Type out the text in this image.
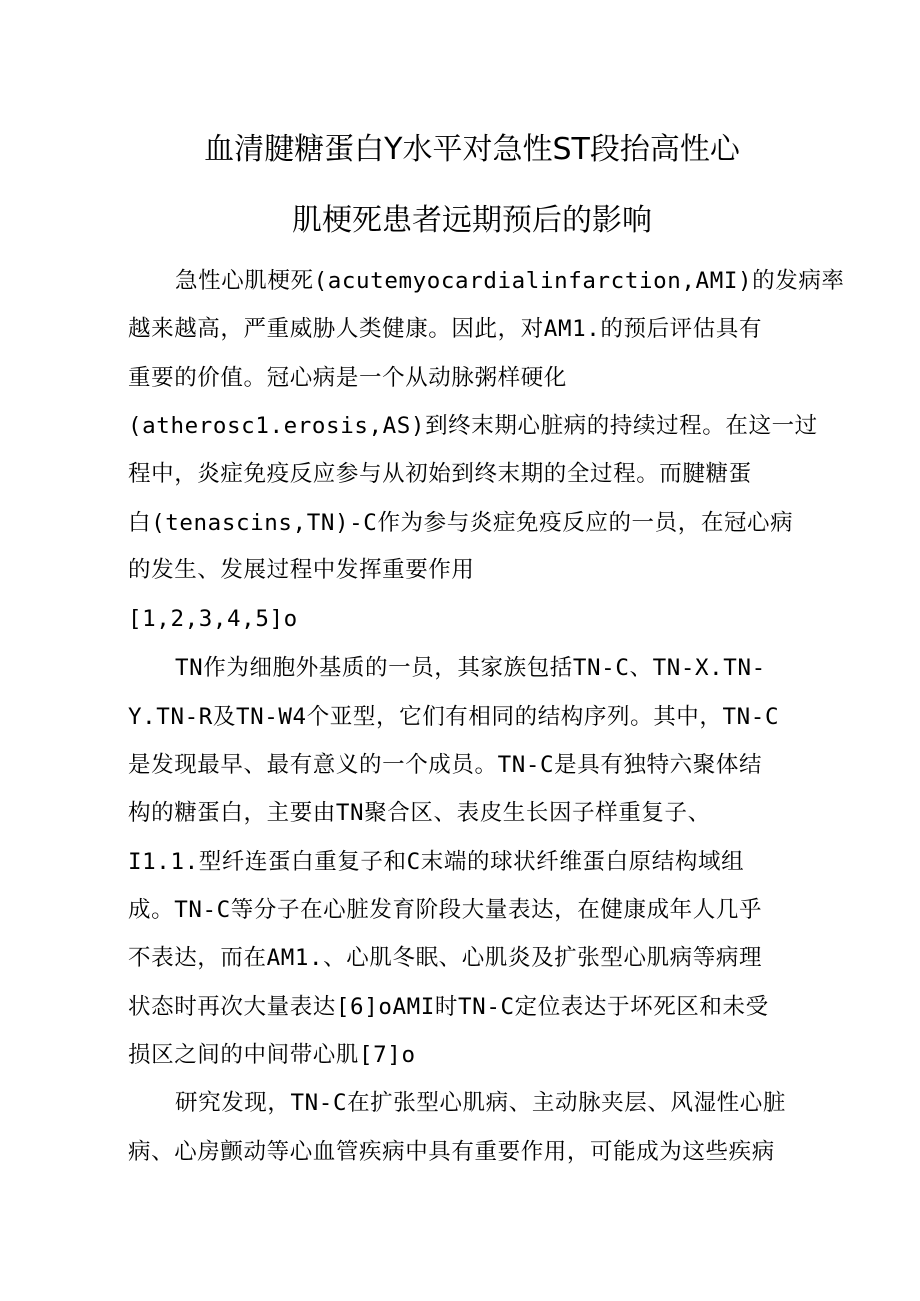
血清腱糖蛋白Y水平对急性ST段抬高性心
肌梗死患者远期预后的影响
急性心肌梗死(acutemyocardialinfarction,AMI)的发病率
越来越高，严重威胁人类健康。因此，对AM1.的预后评估具有
重要的价值。冠心病是一个从动脉粥样硬化
(atherosc1.erosis,AS)到终末期心脏病的持续过程。在这一过
程中，炎症免疫反应参与从初始到终末期的全过程。而腱糖蛋
白(tenascins,TN)-C作为参与炎症免疫反应的一员，在冠心病
的发生、发展过程中发挥重要作用
[1,2,3,4,5]o
TN作为细胞外基质的一员，其家族包括TN-C、TN-X.TN-
Y.TN-R及TN-W4个亚型，它们有相同的结构序列。其中，TN-C
是发现最早、最有意义的一个成员。TN-C是具有独特六聚体结
构的糖蛋白，主要由TN聚合区、表皮生长因子样重复子、
I1.1.型纤连蛋白重复子和C末端的球状纤维蛋白原结构域组
成。TN-C等分子在心脏发育阶段大量表达，在健康成年人几乎
不表达，而在AM1.、心肌冬眠、心肌炎及扩张型心肌病等病理
状态时再次大量表达[6]oAMI时TN-C定位表达于坏死区和未受
损区之间的中间带心肌[7]o
研究发现，TN-C在扩张型心肌病、主动脉夹层、风湿性心脏
病、心房颤动等心血管疾病中具有重要作用，可能成为这些疾病
